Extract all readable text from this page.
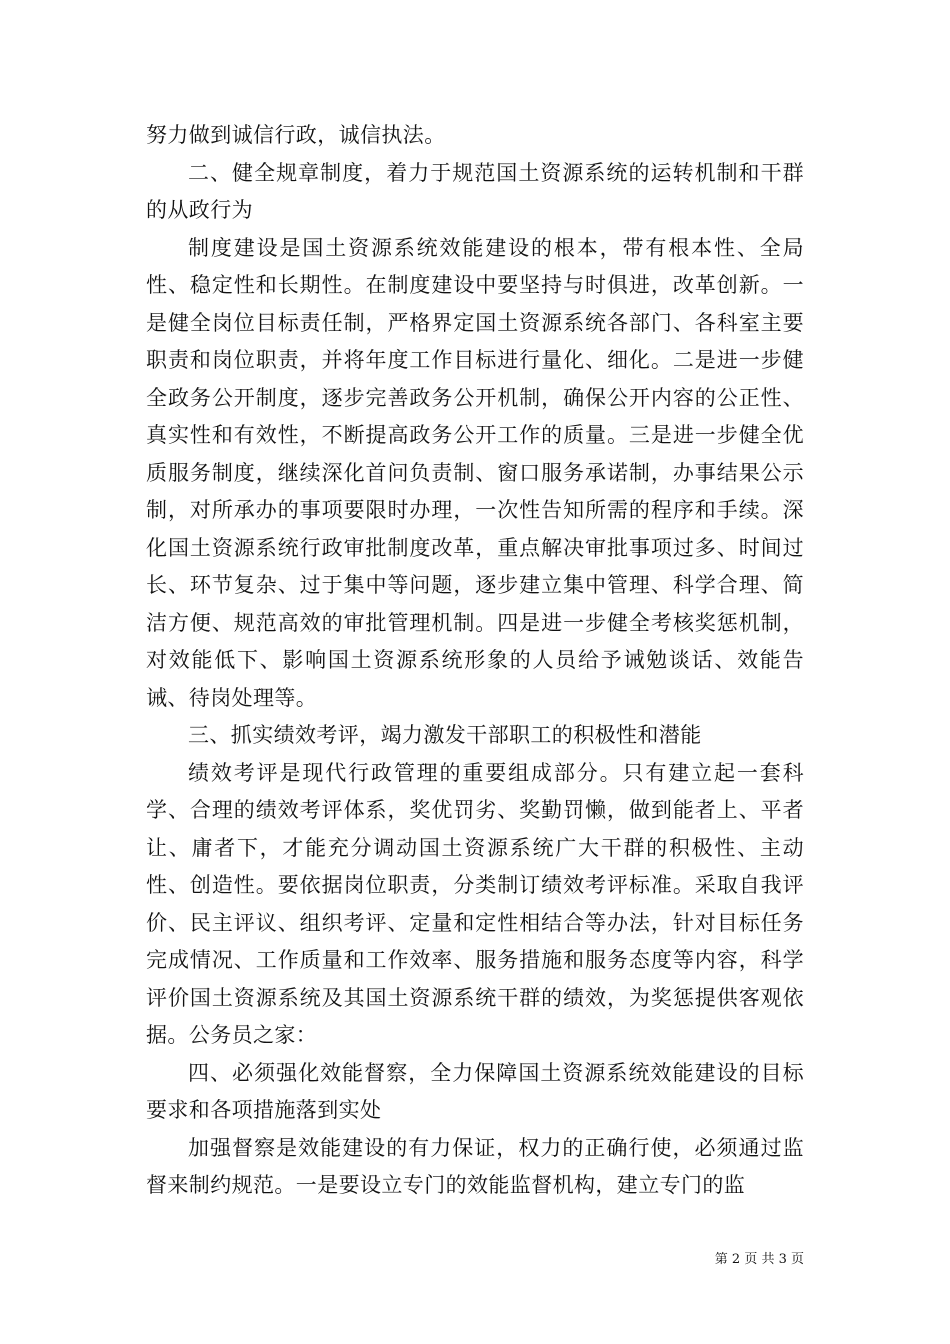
努力做到诚信行政，诚信执法。

二、健全规章制度，着力于规范国土资源系统的运转机制和干群的从政行为

制度建设是国土资源系统效能建设的根本，带有根本性、全局性、稳定性和长期性。在制度建设中要坚持与时俱进，改革创新。一是健全岗位目标责任制，严格界定国土资源系统各部门、各科室主要职责和岗位职责，并将年度工作目标进行量化、细化。二是进一步健全政务公开制度，逐步完善政务公开机制，确保公开内容的公正性、真实性和有效性，不断提高政务公开工作的质量。三是进一步健全优质服务制度，继续深化首问负责制、窗口服务承诺制，办事结果公示制，对所承办的事项要限时办理，一次性告知所需的程序和手续。深化国土资源系统行政审批制度改革，重点解决审批事项过多、时间过长、环节复杂、过于集中等问题，逐步建立集中管理、科学合理、简洁方便、规范高效的审批管理机制。四是进一步健全考核奖惩机制，对效能低下、影响国土资源系统形象的人员给予诫勉谈话、效能告诫、待岗处理等。

三、抓实绩效考评，竭力激发干部职工的积极性和潜能

绩效考评是现代行政管理的重要组成部分。只有建立起一套科学、合理的绩效考评体系，奖优罚劣、奖勤罚懒，做到能者上、平者让、庸者下，才能充分调动国土资源系统广大干群的积极性、主动性、创造性。要依据岗位职责，分类制订绩效考评标准。采取自我评价、民主评议、组织考评、定量和定性相结合等办法，针对目标任务完成情况、工作质量和工作效率、服务措施和服务态度等内容，科学评价国土资源系统及其国土资源系统干群的绩效，为奖惩提供客观依据。公务员之家：

四、必须强化效能督察，全力保障国土资源系统效能建设的目标要求和各项措施落到实处

加强督察是效能建设的有力保证，权力的正确行使，必须通过监督来制约规范。一是要设立专门的效能监督机构，建立专门的监

第 2 页 共 3 页
